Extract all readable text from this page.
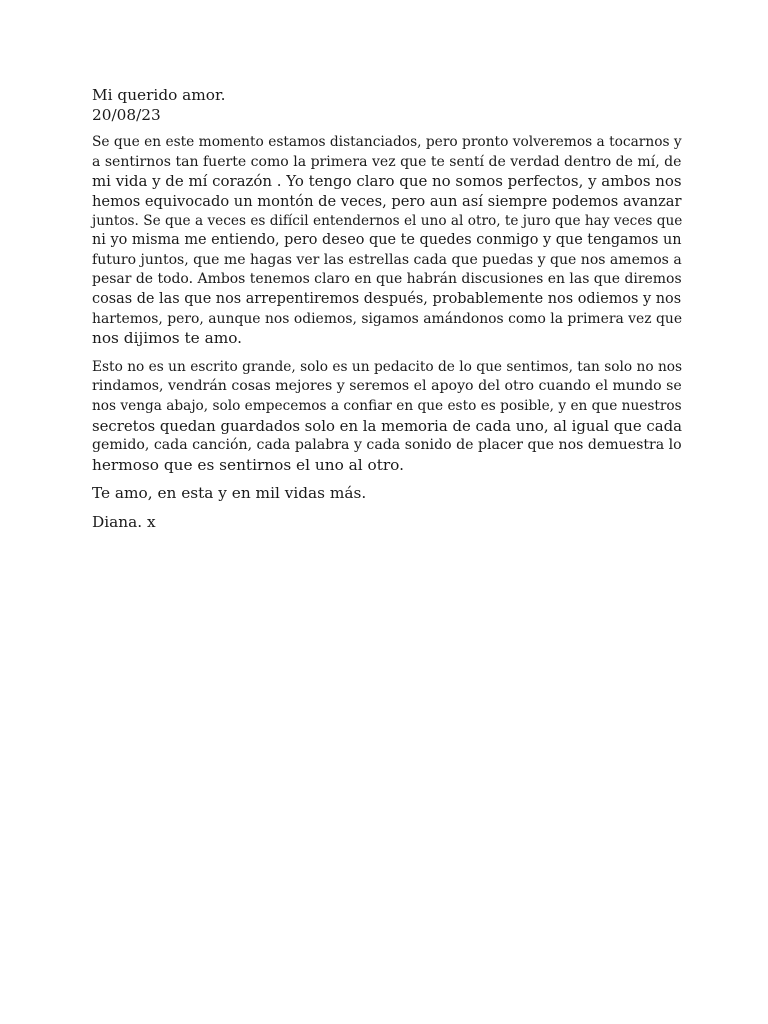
Mi querido amor.
20/08/23
Se que en este momento estamos distanciados, pero pronto volveremos a tocarnos y
a sentirnos tan fuerte como la primera vez que te sentí de verdad dentro de mí, de
mi vida y de mí corazón . Yo tengo claro que no somos perfectos, y ambos nos
hemos equivocado un montón de veces, pero aun así siempre podemos avanzar
juntos. Se que a veces es difícil entendernos el uno al otro, te juro que hay veces que
ni yo misma me entiendo, pero deseo que te quedes conmigo y que tengamos un
futuro juntos, que me hagas ver las estrellas cada que puedas y que nos amemos a
pesar de todo. Ambos tenemos claro en que habrán discusiones en las que diremos
cosas de las que nos arrepentiremos después, probablemente nos odiemos y nos
hartemos, pero, aunque nos odiemos, sigamos amándonos como la primera vez que
nos dijimos te amo.
Esto no es un escrito grande, solo es un pedacito de lo que sentimos, tan solo no nos
rindamos, vendrán cosas mejores y seremos el apoyo del otro cuando el mundo se
nos venga abajo, solo empecemos a confiar en que esto es posible, y en que nuestros
secretos quedan guardados solo en la memoria de cada uno, al igual que cada
gemido, cada canción, cada palabra y cada sonido de placer que nos demuestra lo
hermoso que es sentirnos el uno al otro.
Te amo, en esta y en mil vidas más.
Diana. x
